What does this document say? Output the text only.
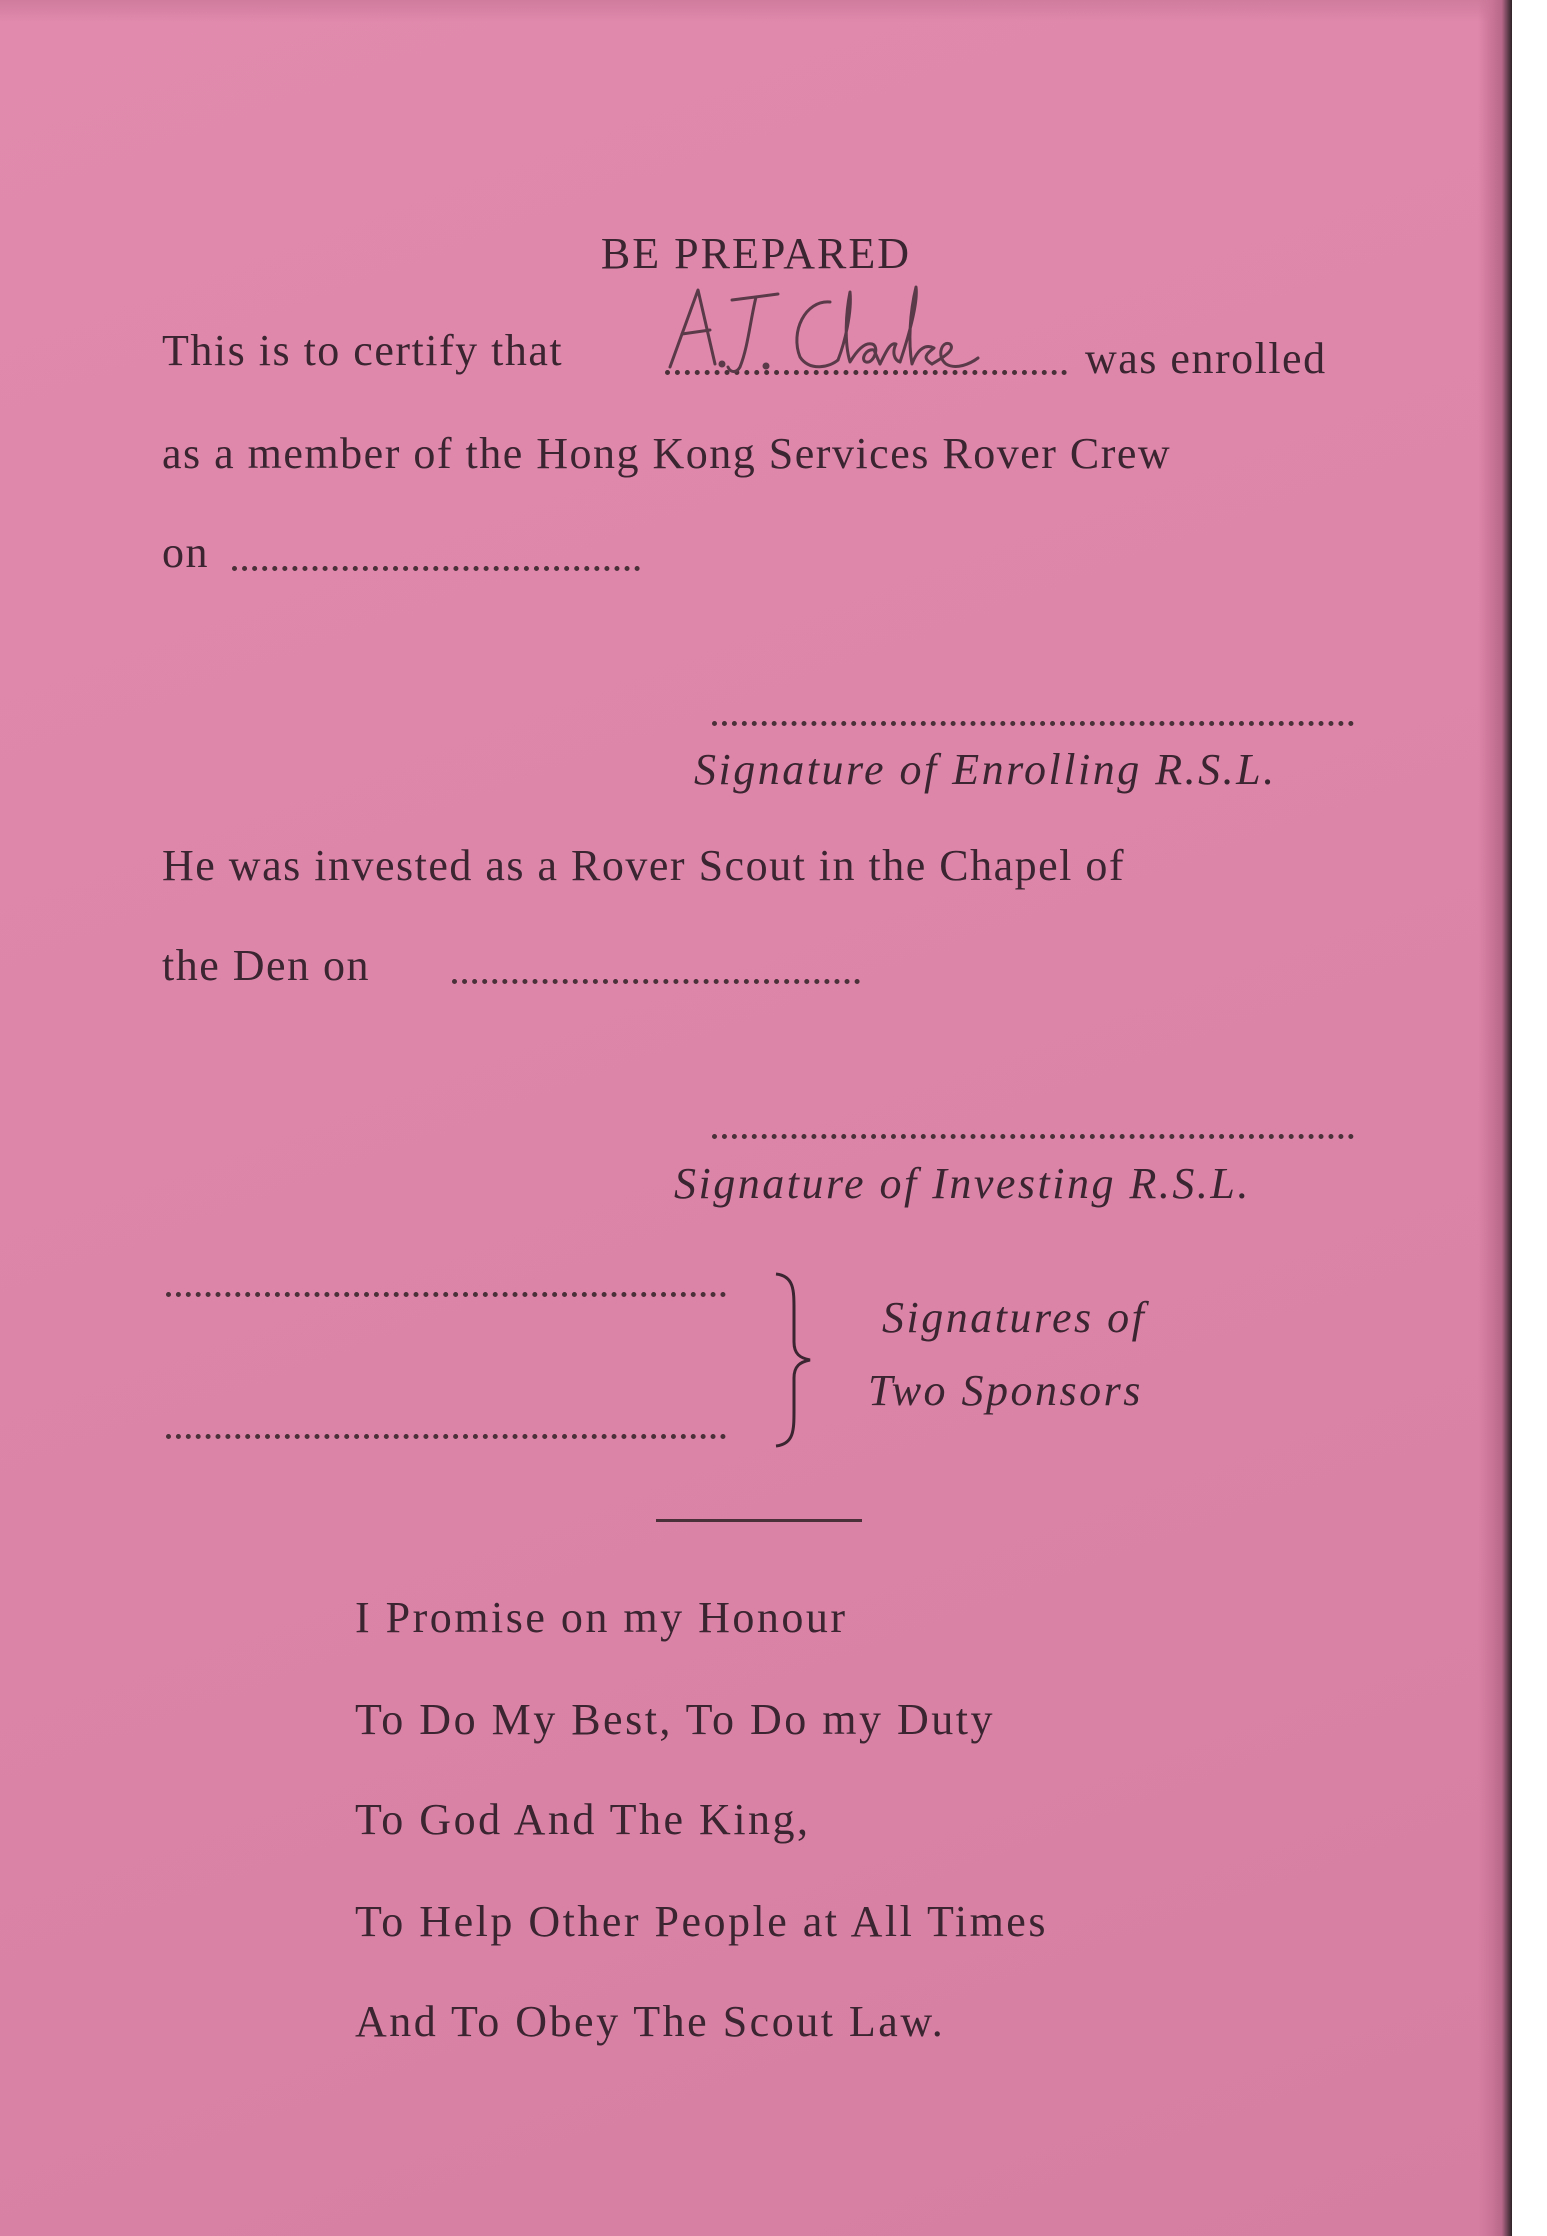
BE PREPARED
This is to certify that	was enrolled
as a member of the Hong Kong Services Rover Crew
on
Signature of Enrolling R.S.L.
He was invested as a Rover Scout in the Chapel of
the Den on
Signature of Investing R.S.L.
Signatures of
Two Sponsors
I Promise on my Honour
To Do My Best, To Do my Duty
To God And The King,
To Help Other People at All Times
And To Obey The Scout Law.
